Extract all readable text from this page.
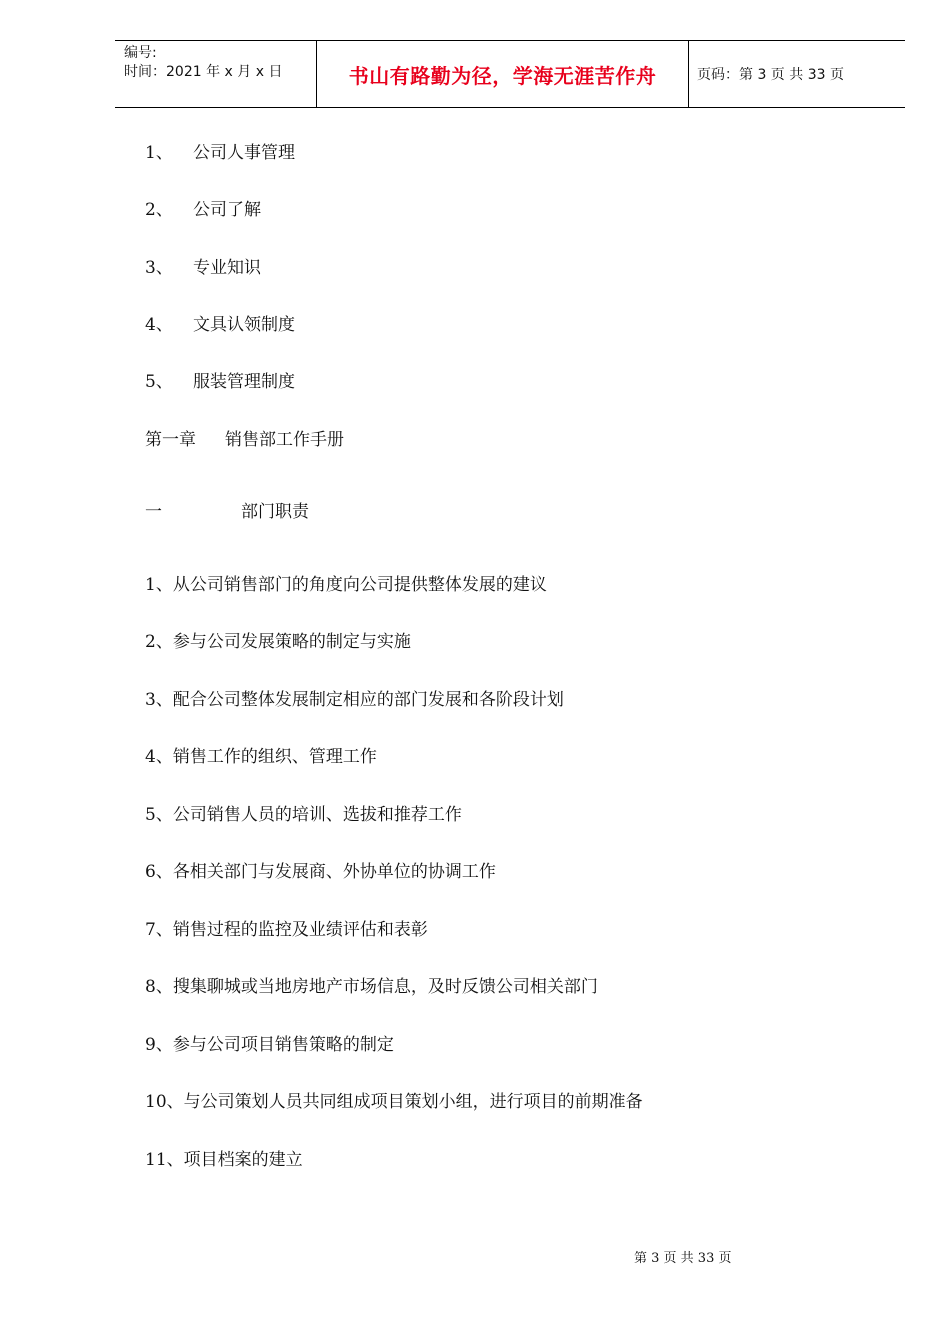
编号:
时间：2021 年 x 月 x 日	书山有路勤为径，学海无涯苦作舟	页码：第 3 页 共 33 页
1、 公司人事管理
2、 公司了解
3、 专业知识
4、 文具认领制度
5、 服装管理制度
第一章 销售部工作手册
一	部门职责
1、从公司销售部门的角度向公司提供整体发展的建议
2、参与公司发展策略的制定与实施
3、配合公司整体发展制定相应的部门发展和各阶段计划
4、销售工作的组织、管理工作
5、公司销售人员的培训、选拔和推荐工作
6、各相关部门与发展商、外协单位的协调工作
7、销售过程的监控及业绩评估和表彰
8、搜集聊城或当地房地产市场信息，及时反馈公司相关部门
9、参与公司项目销售策略的制定
10、与公司策划人员共同组成项目策划小组，进行项目的前期准备
11、项目档案的建立
第 3 页 共 33 页
